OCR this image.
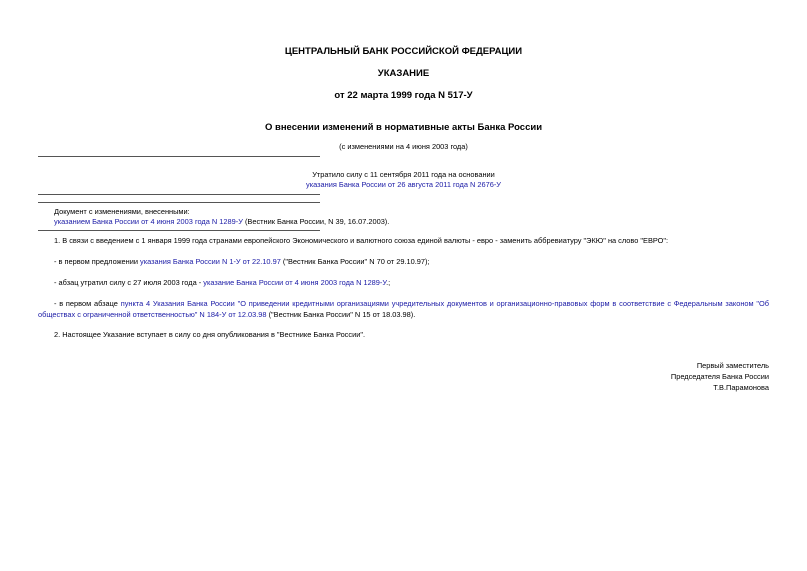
ЦЕНТРАЛЬНЫЙ БАНК РОССИЙСКОЙ ФЕДЕРАЦИИ
УКАЗАНИЕ
от 22 марта 1999 года N 517-У
О внесении изменений в нормативные акты Банка России
(с изменениями на 4 июня 2003 года)
Утратило силу с 11 сентября 2011 года на основании
указания Банка России от 26 августа 2011 года N 2676-У
Документ с изменениями, внесенными:
указанием Банка России от 4 июня 2003 года N 1289-У (Вестник Банка России, N 39, 16.07.2003).
1. В связи с введением с 1 января 1999 года странами европейского Экономического и валютного союза единой валюты - евро - заменить аббревиатуру "ЭКЮ" на слово "ЕВРО":
- в первом предложении указания Банка России N 1-У от 22.10.97 ("Вестник Банка России" N 70 от 29.10.97);
- абзац утратил силу с 27 июля 2003 года - указание Банка России от 4 июня 2003 года N 1289-У.;
- в первом абзаце пункта 4 Указания Банка России "О приведении кредитными организациями учредительных документов и организационно-правовых форм в соответствие с Федеральным законом "Об обществах с ограниченной ответственностью" N 184-У от 12.03.98 ("Вестник Банка России" N 15 от 18.03.98).
2. Настоящее Указание вступает в силу со дня опубликования в "Вестнике Банка России".
Первый заместитель
Председателя Банка России
Т.В.Парамонова
